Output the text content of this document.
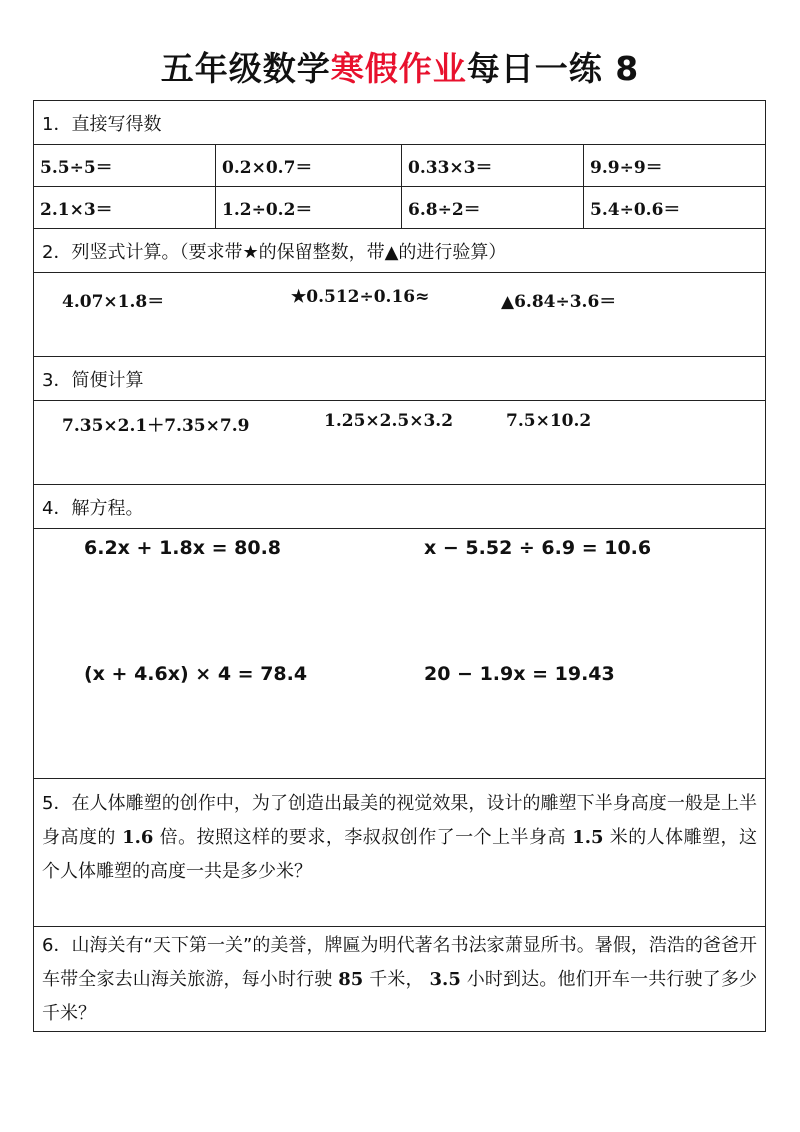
五年级数学寒假作业每日一练 8
1．直接写得数
5.5÷5＝	0.2×0.7＝	0.33×3＝	9.9÷9＝
2.1×3＝	1.2÷0.2＝	6.8÷2＝	5.4÷0.6＝
2．列竖式计算。（要求带★的保留整数，带▲的进行验算）
4.07×1.8＝	★0.512÷0.16≈	▲6.84÷3.6＝
3．简便计算
7.35×2.1＋7.35×7.9	1.25×2.5×3.2	7.5×10.2
4．解方程。
6.2x + 1.8x = 80.8	x − 5.52 ÷ 6.9 = 10.6
(x + 4.6x) × 4 = 78.4	20 − 1.9x = 19.43
5．在人体雕塑的创作中，为了创造出最美的视觉效果，设计的雕塑下半身高度一般是上半身高度的 1.6 倍。按照这样的要求，李叔叔创作了一个上半身高 1.5 米的人体雕塑，这个人体雕塑的高度一共是多少米？
6．山海关有“天下第一关”的美誉，牌匾为明代著名书法家萧显所书。暑假，浩浩的爸爸开车带全家去山海关旅游，每小时行驶 85 千米， 3.5 小时到达。他们开车一共行驶了多少千米？
